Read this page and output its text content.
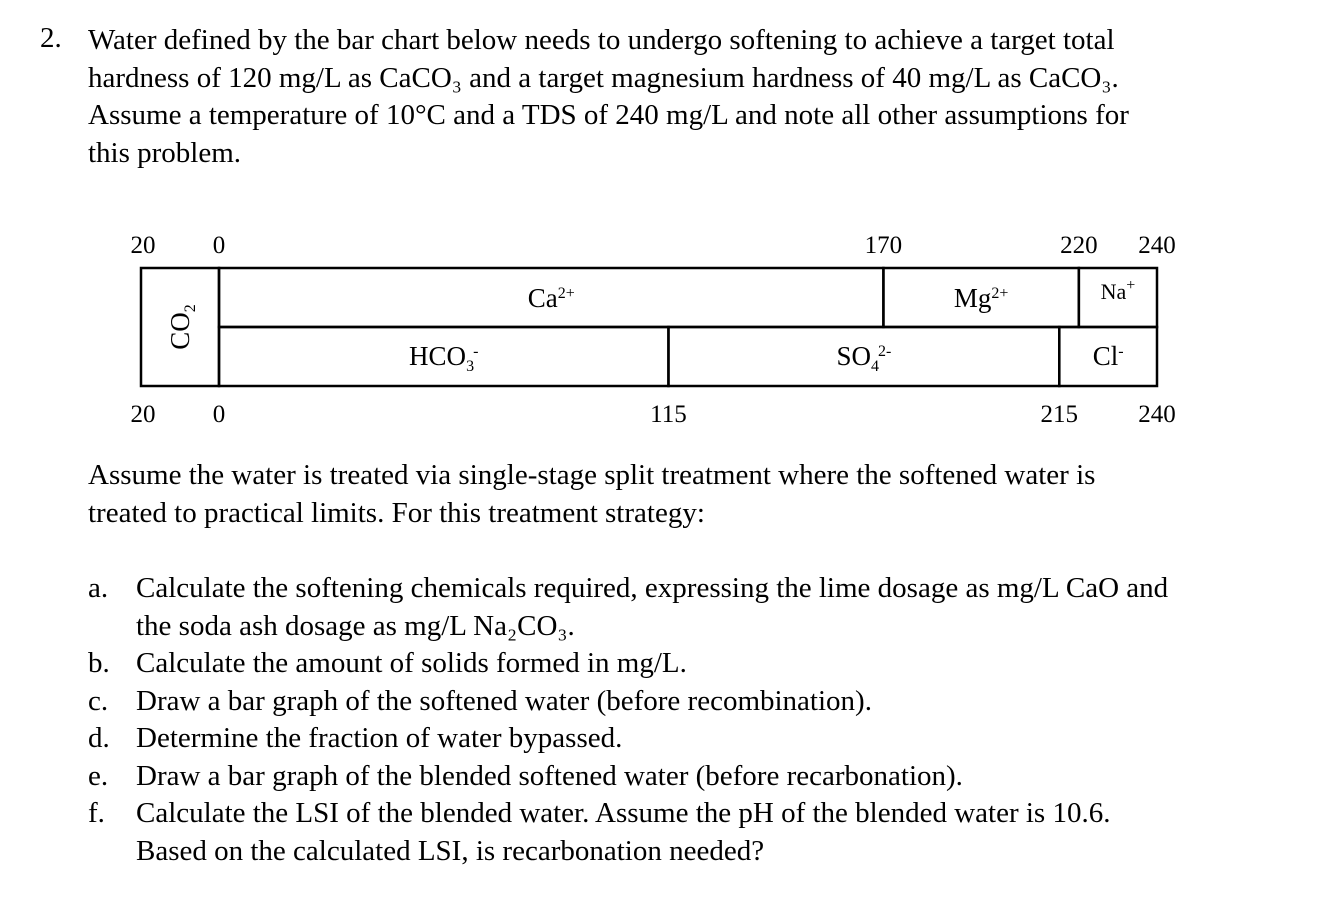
2. Water defined by the bar chart below needs to undergo softening to achieve a target total
hardness of 120 mg/L as CaCO₃ and a target magnesium hardness of 40 mg/L as CaCO₃.
Assume a temperature of 10°C and a TDS of 240 mg/L and note all other assumptions for
this problem.
$CO_2$	$Ca^{2+}$	$Mg^{2+}$	Na+
$HCO_3-$	$SO_42-$	Cl-
20
20
0	170	220 240
0	115	215 240
Assume the water is treated via single-stage split treatment where the softened water is
treated to practical limits. For this treatment strategy:
a. Calculate the softening chemicals required, expressing the lime dosage as mg/L CaO and
the soda ash dosage as mg/L Na₂CO₃.
b. Calculate the amount of solids formed in mg/L.
c. Draw a bar graph of the softened water (before recombination).
d. Determine the fraction of water bypassed.
e. Draw a bar graph of the blended softened water (before recarbonation).
f. Calculate the LSI of the blended water. Assume the pH of the blended water is 10.6.
Based on the calculated LSI, is recarbonation needed?
